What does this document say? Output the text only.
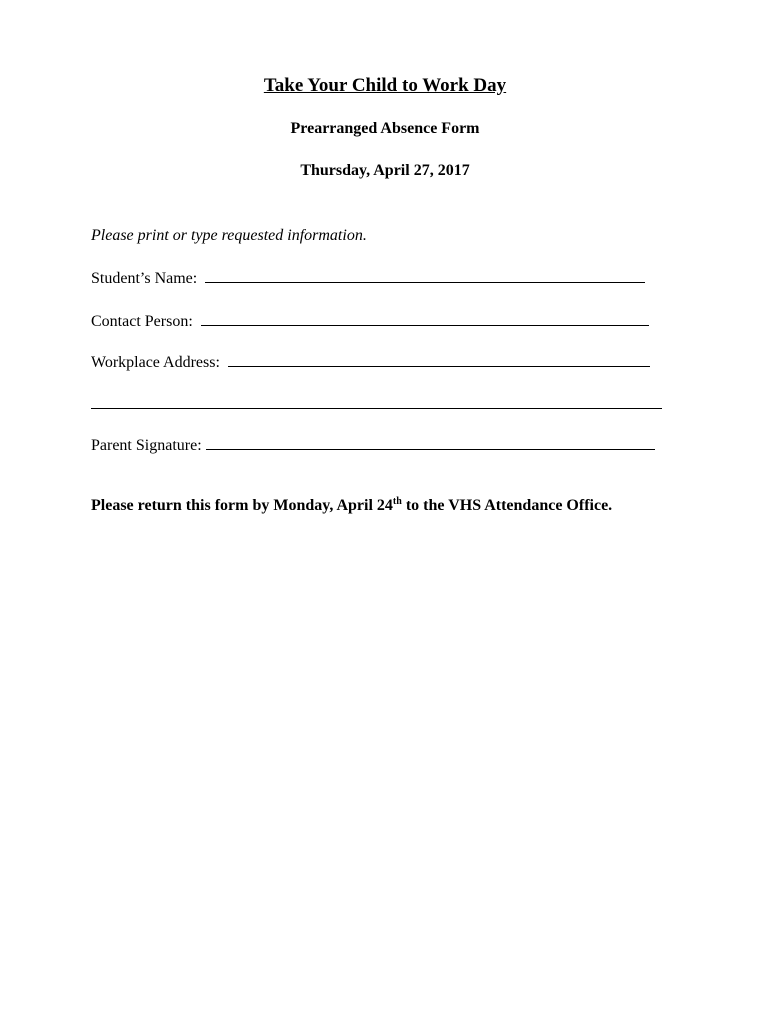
Take Your Child to Work Day
Prearranged Absence Form
Thursday, April 27, 2017
Please print or type requested information.
Student’s Name:
Contact Person:
Workplace Address:
Parent Signature:
Please return this form by Monday, April 24th to the VHS Attendance Office.
